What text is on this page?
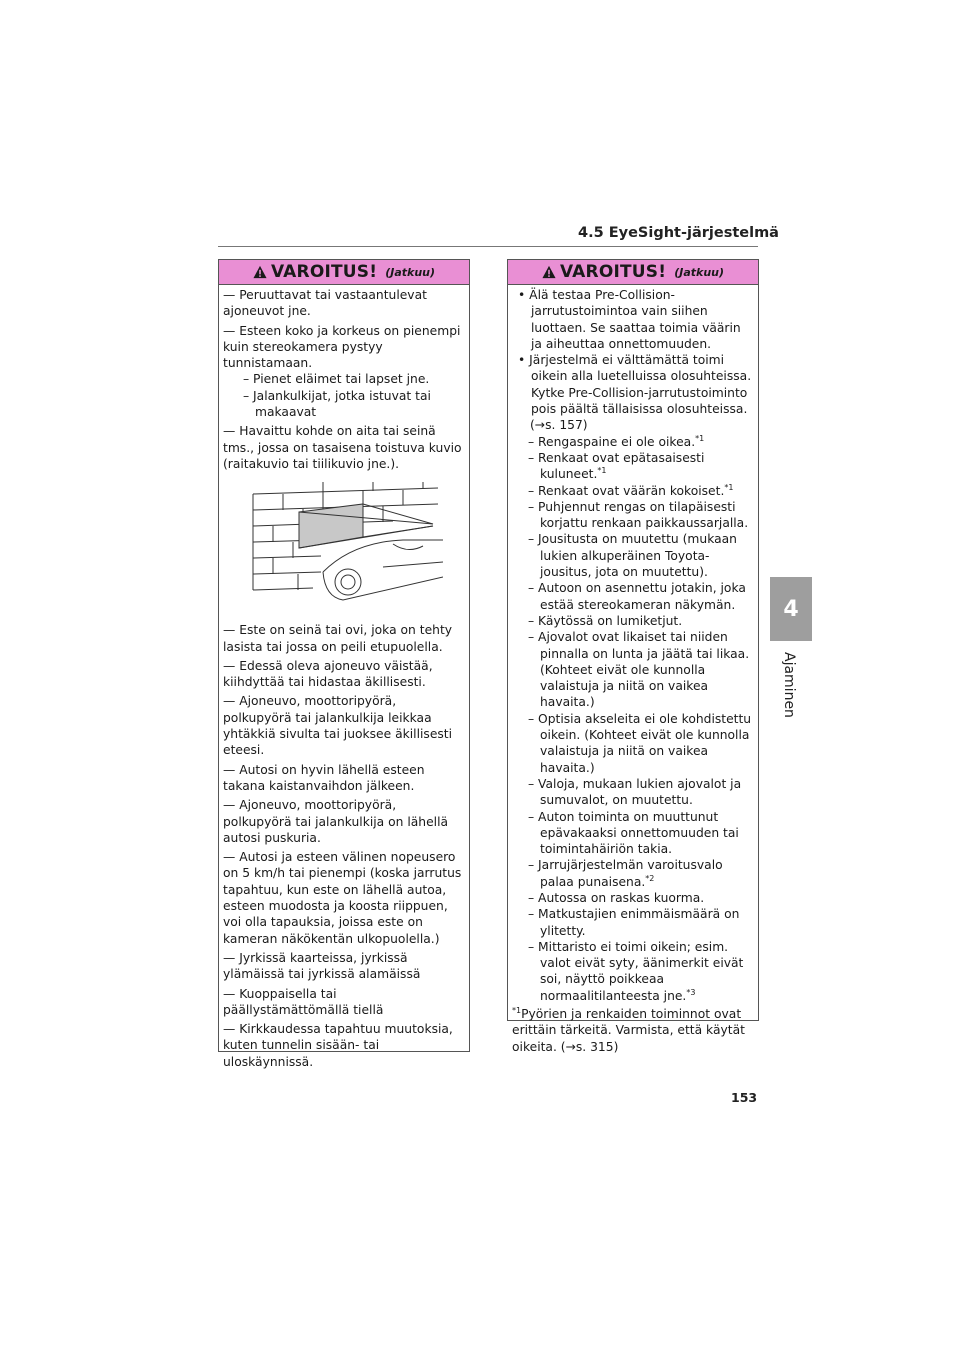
4.5 EyeSight-järjestelmä
4
Ajaminen
VAROITUS! (Jatkuu)

— Peruuttavat tai vastaantulevat ajoneuvot jne.

— Esteen koko ja korkeus on pienempi kuin stereokamera pystyy tunnistamaan.

– Pienet eläimet tai lapset jne.

– Jalankulkijat, jotka istuvat tai makaavat

— Havaittu kohde on aita tai seinä tms., jossa on tasaisena toistuva kuvio (raitakuvio tai tiilikuvio jne.).

— Este on seinä tai ovi, joka on tehty lasista tai jossa on peili etupuolella.

— Edessä oleva ajoneuvo väistää, kiihdyttää tai hidastaa äkillisesti.

— Ajoneuvo, moottoripyörä, polkupyörä tai jalankulkija leikkaa yhtäkkiä sivulta tai juoksee äkillisesti eteesi.

— Autosi on hyvin lähellä esteen takana kaistanvaihdon jälkeen.

— Ajoneuvo, moottoripyörä, polkupyörä tai jalankulkija on lähellä autosi puskuria.

— Autosi ja esteen välinen nopeusero on 5 km/h tai pienempi (koska jarrutus tapahtuu, kun este on lähellä autoa, esteen muodosta ja koosta riippuen, voi olla tapauksia, joissa este on kameran näkökentän ulkopuolella.)

— Jyrkissä kaarteissa, jyrkissä ylämäissä tai jyrkissä alamäissä

— Kuoppaisella tai päällystämättömällä tiellä

— Kirkkaudessa tapahtuu muutoksia, kuten tunnelin sisään- tai uloskäynnissä.

VAROITUS! (Jatkuu)

• Älä testaa Pre-Collision-jarrutustoimintoa vain siihen luottaen. Se saattaa toimia väärin ja aiheuttaa onnettomuuden.

• Järjestelmä ei välttämättä toimi oikein alla luetelluissa olosuhteissa. Kytke Pre-Collision-jarrutustoiminto pois päältä tällaisissa olosuhteissa.

(→s. 157)

– Rengaspaine ei ole oikea.$^{*1}$

– Renkaat ovat epätasaisesti kuluneet.$^{*1}$

– Renkaat ovat väärän kokoiset.$^{*1}$

– Puhjennut rengas on tilapäisesti korjattu renkaan paikkaussarjalla.

– Jousitusta on muutettu (mukaan lukien alkuperäinen Toyota-jousitus, jota on muutettu).

– Autoon on asennettu jotakin, joka estää stereokameran näkymän.

– Käytössä on lumiketjut.

– Ajovalot ovat likaiset tai niiden pinnalla on lunta ja jäätä tai likaa. (Kohteet eivät ole kunnolla valaistuja ja niitä on vaikea havaita.)

– Optisia akseleita ei ole kohdistettu oikein. (Kohteet eivät ole kunnolla valaistuja ja niitä on vaikea havaita.)

– Valoja, mukaan lukien ajovalot ja sumuvalot, on muutettu.

– Auton toiminta on muuttunut epävakaaksi onnettomuuden tai toimintahäiriön takia.

– Jarrujärjestelmän varoitusvalo palaa punaisena.$^{*2}$

– Autossa on raskas kuorma.

– Matkustajien enimmäismäärä on ylitetty.

– Mittaristo ei toimi oikein; esim. valot eivät syty, äänimerkit eivät soi, näyttö poikkeaa normaalitilanteesta jne.$^{*3}$

$^{*1}$Pyörien ja renkaiden toiminnot ovat erittäin tärkeitä. Varmista, että käytät oikeita. (→s. 315)

153
